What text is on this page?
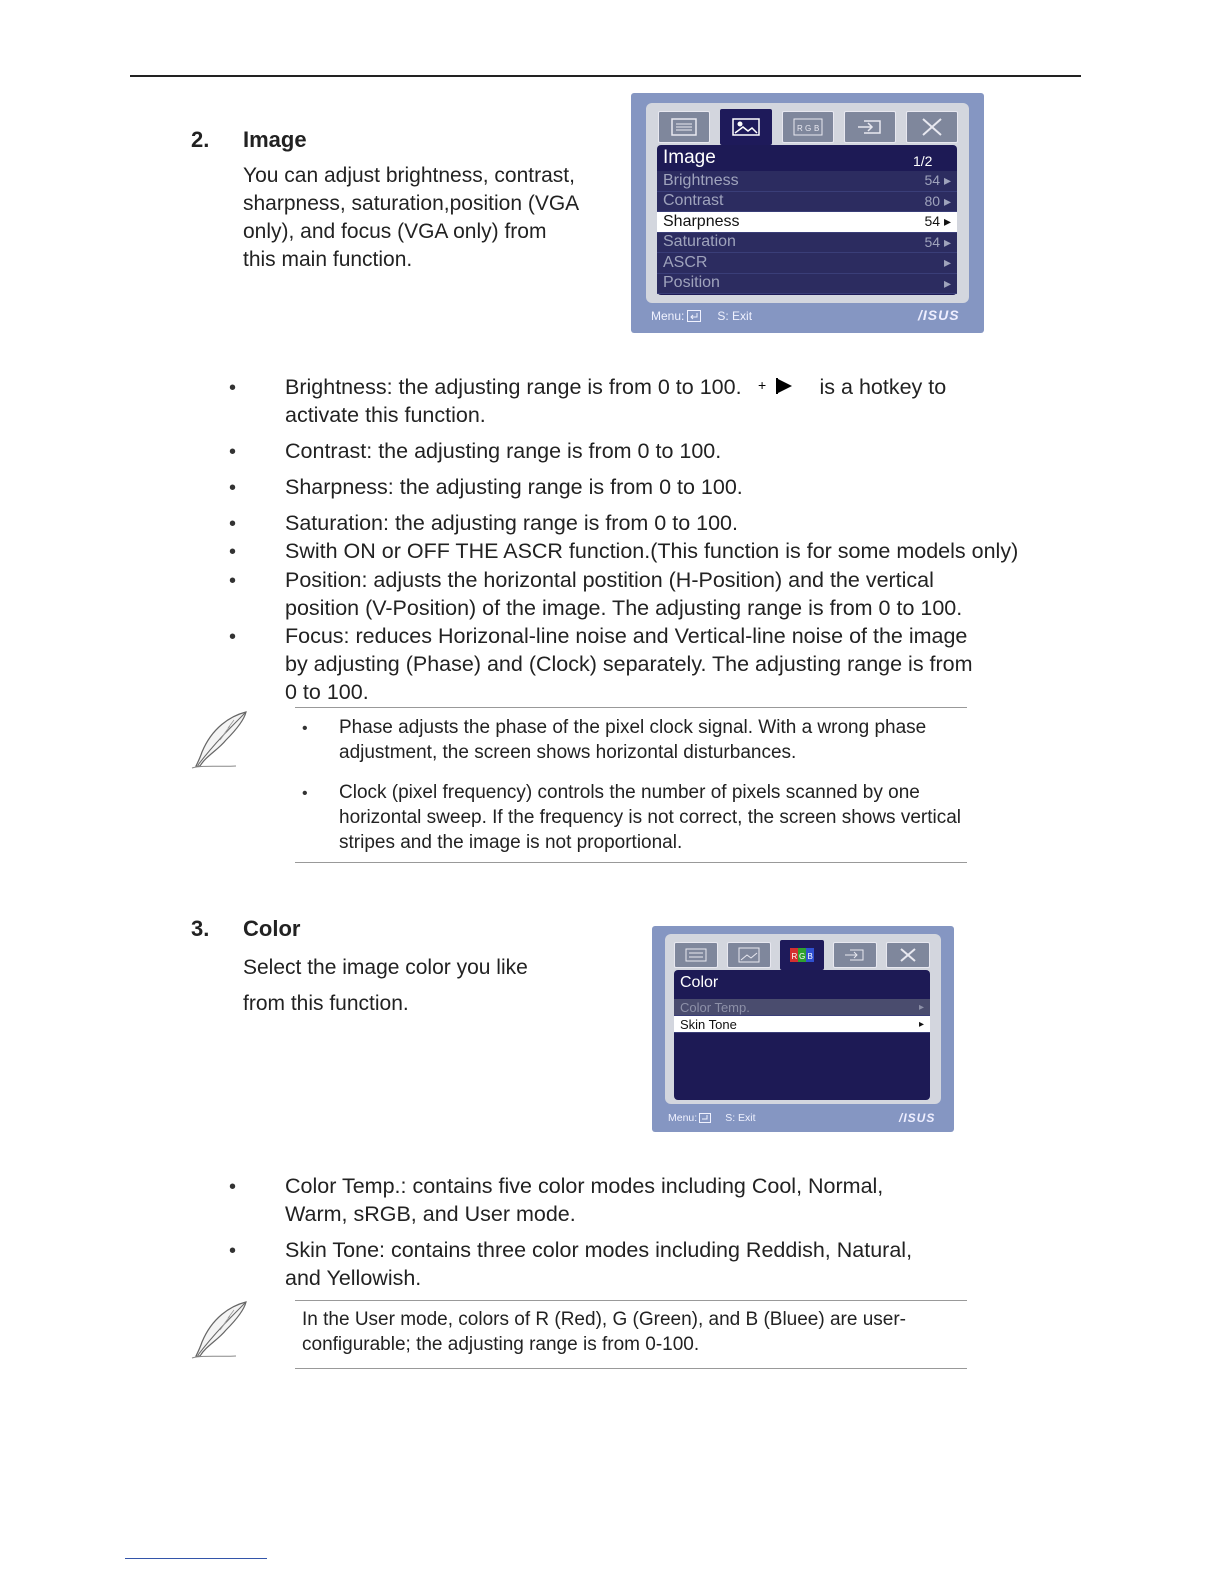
2. Image
You can adjust brightness, contrast,
sharpness, saturation,position (VGA
only), and focus (VGA only) from
this main function.
R G B
Image	1/2
Brightness	54 ▸
Contrast	80 ▸
Sharpness	54 ▸
Saturation	54 ▸
ASCR	▸
Position	▸
Menu:	S: Exit	/ISUS
• Brightness: the adjusting range is from 0 to 100. +	is a hotkey to
activate this function.
• Contrast: the adjusting range is from 0 to 100.
• Sharpness: the adjusting range is from 0 to 100.
• Saturation: the adjusting range is from 0 to 100.
• Swith ON or OFF THE ASCR function.(This function is for some models only)
• Position: adjusts the horizontal postition (H-Position) and the vertical
position (V-Position) of the image. The adjusting range is from 0 to 100.
• Focus: reduces Horizonal-line noise and Vertical-line noise of the image
by adjusting (Phase) and (Clock) separately. The adjusting range is from
0 to 100.
• Phase adjusts the phase of the pixel clock signal. With a wrong phase
adjustment, the screen shows horizontal disturbances.
• Clock (pixel frequency) controls the number of pixels scanned by one
horizontal sweep. If the frequency is not correct, the screen shows vertical
stripes and the image is not proportional.
3. Color
Select the image color you like
from this function.
R G B
Color
Color Temp.	▸
Skin Tone	▸
Menu:	S: Exit	/ISUS
• Color Temp.: contains five color modes including Cool, Normal,
Warm, sRGB, and User mode.
• Skin Tone: contains three color modes including Reddish, Natural,
and Yellowish.
In the User mode, colors of R (Red), G (Green), and B (Bluee) are user-
configurable; the adjusting range is from 0-100.
